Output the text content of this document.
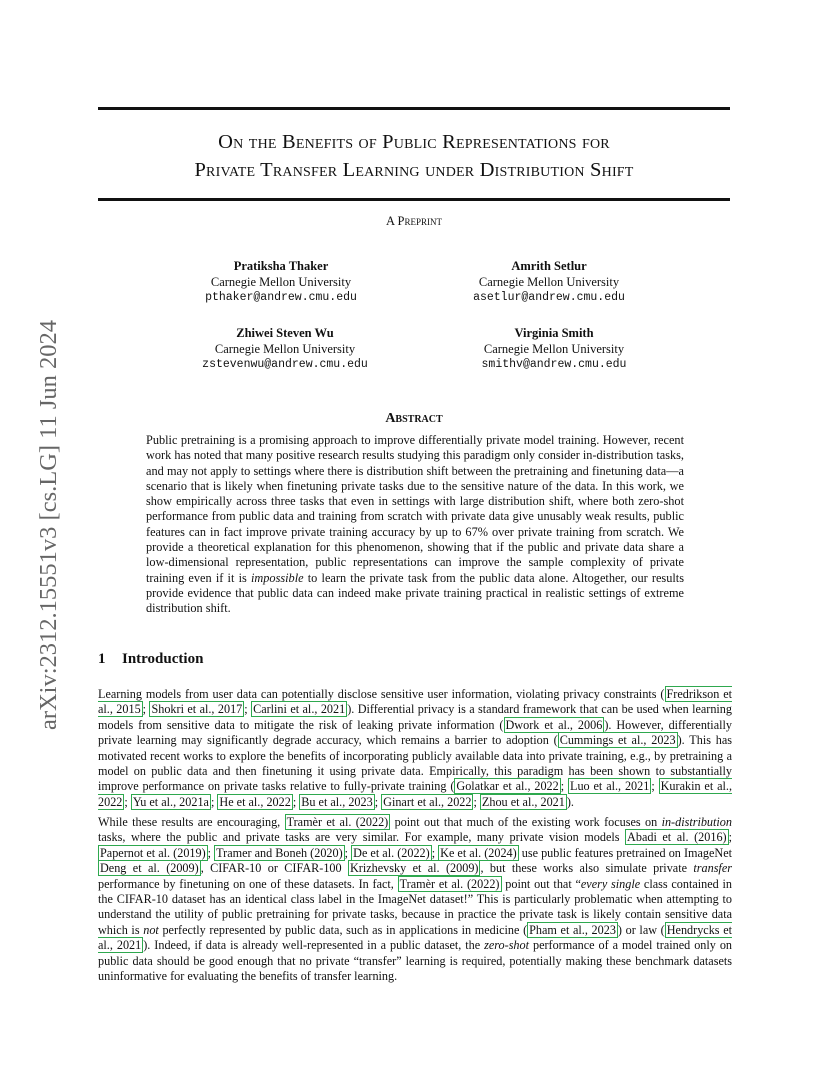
arXiv:2312.15551v3 [cs.LG] 11 Jun 2024
On the Benefits of Public Representations for
Private Transfer Learning under Distribution Shift
A Preprint
Pratiksha Thaker
Carnegie Mellon University
pthaker@andrew.cmu.edu
Amrith Setlur
Carnegie Mellon University
asetlur@andrew.cmu.edu
Zhiwei Steven Wu
Carnegie Mellon University
zstevenwu@andrew.cmu.edu
Virginia Smith
Carnegie Mellon University
smithv@andrew.cmu.edu
Abstract
Public pretraining is a promising approach to improve differentially private model training. However, recent work has noted that many positive research results studying this paradigm only consider in-distribution tasks, and may not apply to settings where there is distribution shift between the pretraining and finetuning data—a scenario that is likely when finetuning private tasks due to the sensitive nature of the data. In this work, we show empirically across three tasks that even in settings with large distribution shift, where both zero-shot performance from public data and training from scratch with private data give unusably weak results, public features can in fact improve private training accuracy by up to 67% over private training from scratch. We provide a theoretical explanation for this phenomenon, showing that if the public and private data share a low-dimensional representation, public representations can improve the sample complexity of private training even if it is impossible to learn the private task from the public data alone. Altogether, our results provide evidence that public data can indeed make private training practical in realistic settings of extreme distribution shift.
1 Introduction
Learning models from user data can potentially disclose sensitive user information, violating privacy constraints ( Fredrikson et al., 2015 ; Shokri et al., 2017 ; Carlini et al., 2021 ). Differential privacy is a standard framework that can be used when learning models from sensitive data to mitigate the risk of leaking private information ( Dwork et al., 2006 ). However, differentially private learning may significantly degrade accuracy, which remains a barrier to adoption ( Cummings et al., 2023 ). This has motivated recent works to explore the benefits of incorporating publicly available data into private training, e.g., by pretraining a model on public data and then finetuning it using private data. Empirically, this paradigm has been shown to substantially improve performance on private tasks relative to fully-private training ( Golatkar et al., 2022 ; Luo et al., 2021 ; Kurakin et al., 2022 ; Yu et al., 2021a ; He et al., 2022 ; Bu et al., 2023 ; Ginart et al., 2022 ; Zhou et al., 2021 ).
While these results are encouraging, Tramèr et al. (2022) point out that much of the existing work focuses on in-distribution tasks, where the public and private tasks are very similar. For example, many private vision models Abadi et al. (2016) ; Papernot et al. (2019) ; Tramer and Boneh (2020) ; De et al. (2022) ; Ke et al. (2024) use public features pretrained on ImageNet Deng et al. (2009) , CIFAR-10 or CIFAR-100 Krizhevsky et al. (2009) , but these works also simulate private transfer performance by finetuning on one of these datasets. In fact, Tramèr et al. (2022) point out that “every single class contained in the CIFAR-10 dataset has an identical class label in the ImageNet dataset!” This is particularly problematic when attempting to understand the utility of public pretraining for private tasks, because in practice the private task is likely contain sensitive data which is not perfectly represented by public data, such as in applications in medicine ( Pham et al., 2023 ) or law ( Hendrycks et al., 2021 ). Indeed, if data is already well-represented in a public dataset, the zero-shot performance of a model trained only on public data should be good enough that no private “transfer” learning is required, potentially making these benchmark datasets uninformative for evaluating the benefits of transfer learning.
